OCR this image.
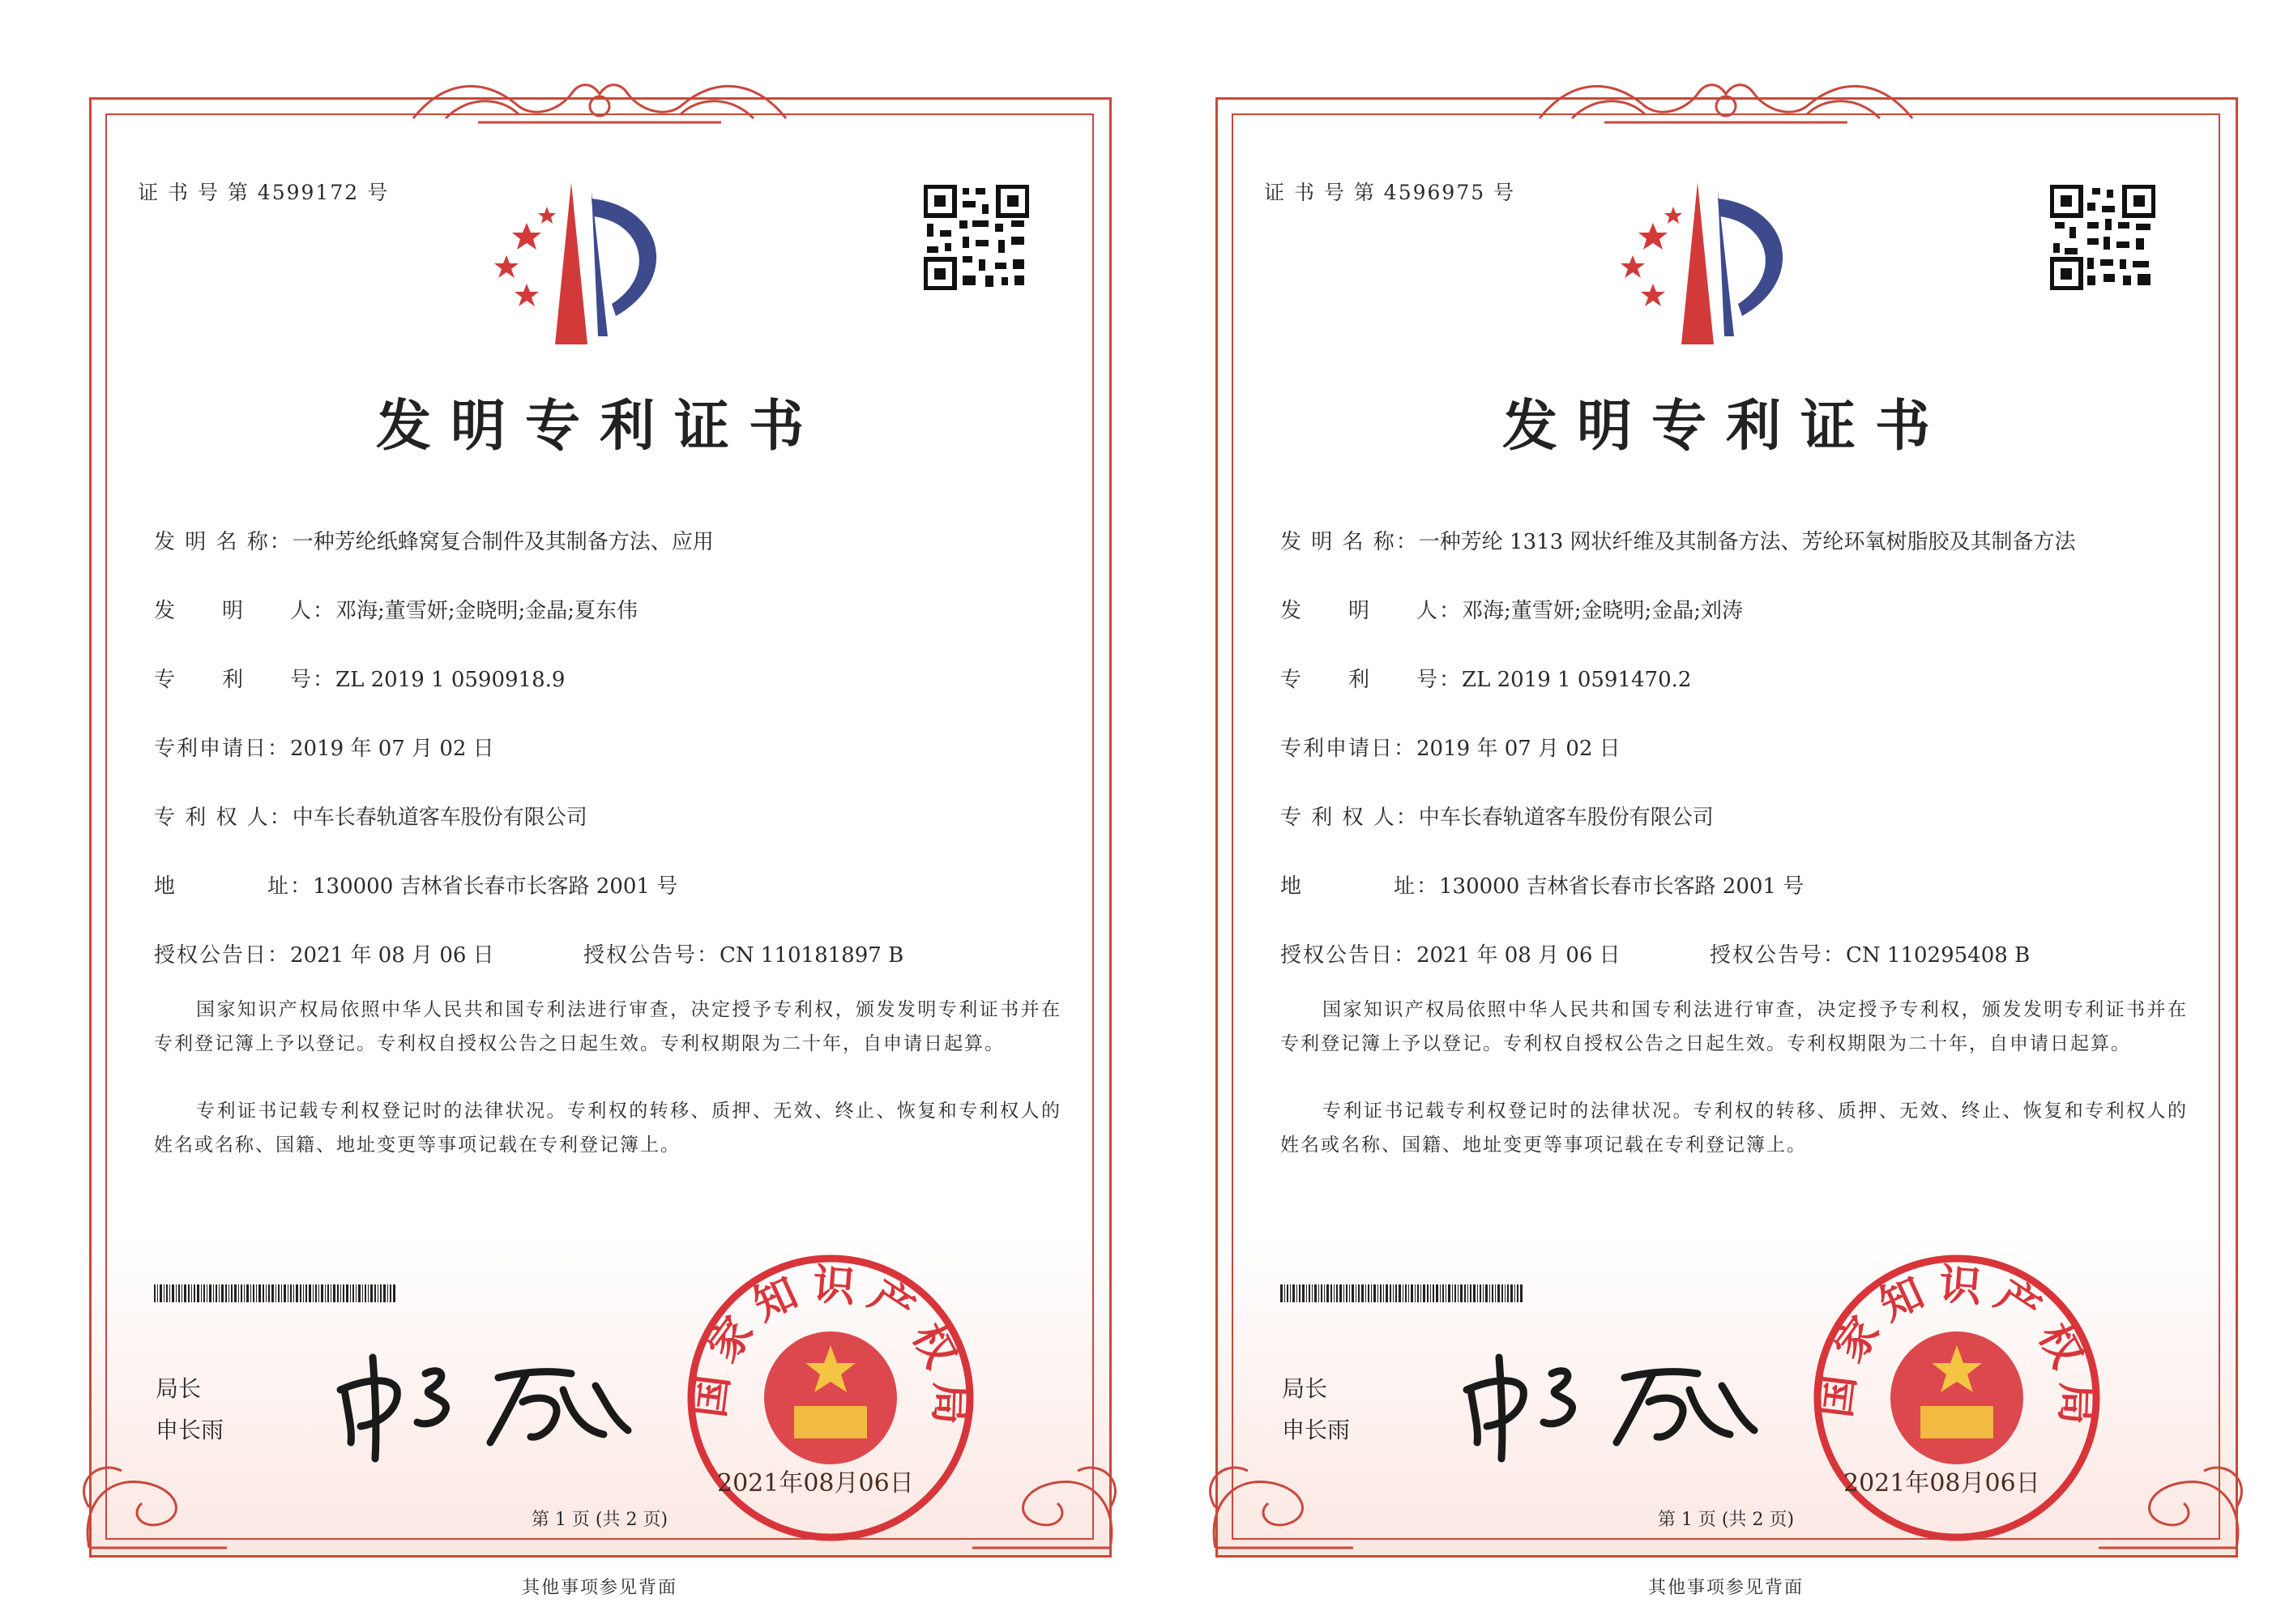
证 书 号 第 4599172 号
发明专利证书
发 明 名 称：一种芳纶纸蜂窝复合制件及其制备方法、应用
发　　明　　人：邓海;董雪妍;金晓明;金晶;夏东伟
专　　利　　号：ZL 2019 1 0590918.9
专利申请日：2019 年 07 月 02 日
专 利 权 人：中车长春轨道客车股份有限公司
地　　　　址：130000 吉林省长春市长客路 2001 号
授权公告日：2021 年 08 月 06 日	授权公告号：CN 110181897 B
国家知识产权局依照中华人民共和国专利法进行审查，决定授予专利权，颁发发明专利证书并在专利登记簿上予以登记。专利权自授权公告之日起生效。专利权期限为二十年，自申请日起算。
专利证书记载专利权登记时的法律状况。专利权的转移、质押、无效、终止、恢复和专利权人的姓名或名称、国籍、地址变更等事项记载在专利登记簿上。
局长
申长雨
国家知识产权局
2021年08月06日
第 1 页 (共 2 页)
其他事项参见背面
证 书 号 第 4596975 号
发明专利证书
发 明 名 称：一种芳纶 1313 网状纤维及其制备方法、芳纶环氧树脂胶及其制备方法
发　　明　　人：邓海;董雪妍;金晓明;金晶;刘涛
专　　利　　号：ZL 2019 1 0591470.2
专利申请日：2019 年 07 月 02 日
专 利 权 人：中车长春轨道客车股份有限公司
地　　　　址：130000 吉林省长春市长客路 2001 号
授权公告日：2021 年 08 月 06 日	授权公告号：CN 110295408 B
国家知识产权局依照中华人民共和国专利法进行审查，决定授予专利权，颁发发明专利证书并在专利登记簿上予以登记。专利权自授权公告之日起生效。专利权期限为二十年，自申请日起算。
专利证书记载专利权登记时的法律状况。专利权的转移、质押、无效、终止、恢复和专利权人的姓名或名称、国籍、地址变更等事项记载在专利登记簿上。
局长
申长雨
国家知识产权局
2021年08月06日
第 1 页 (共 2 页)
其他事项参见背面
